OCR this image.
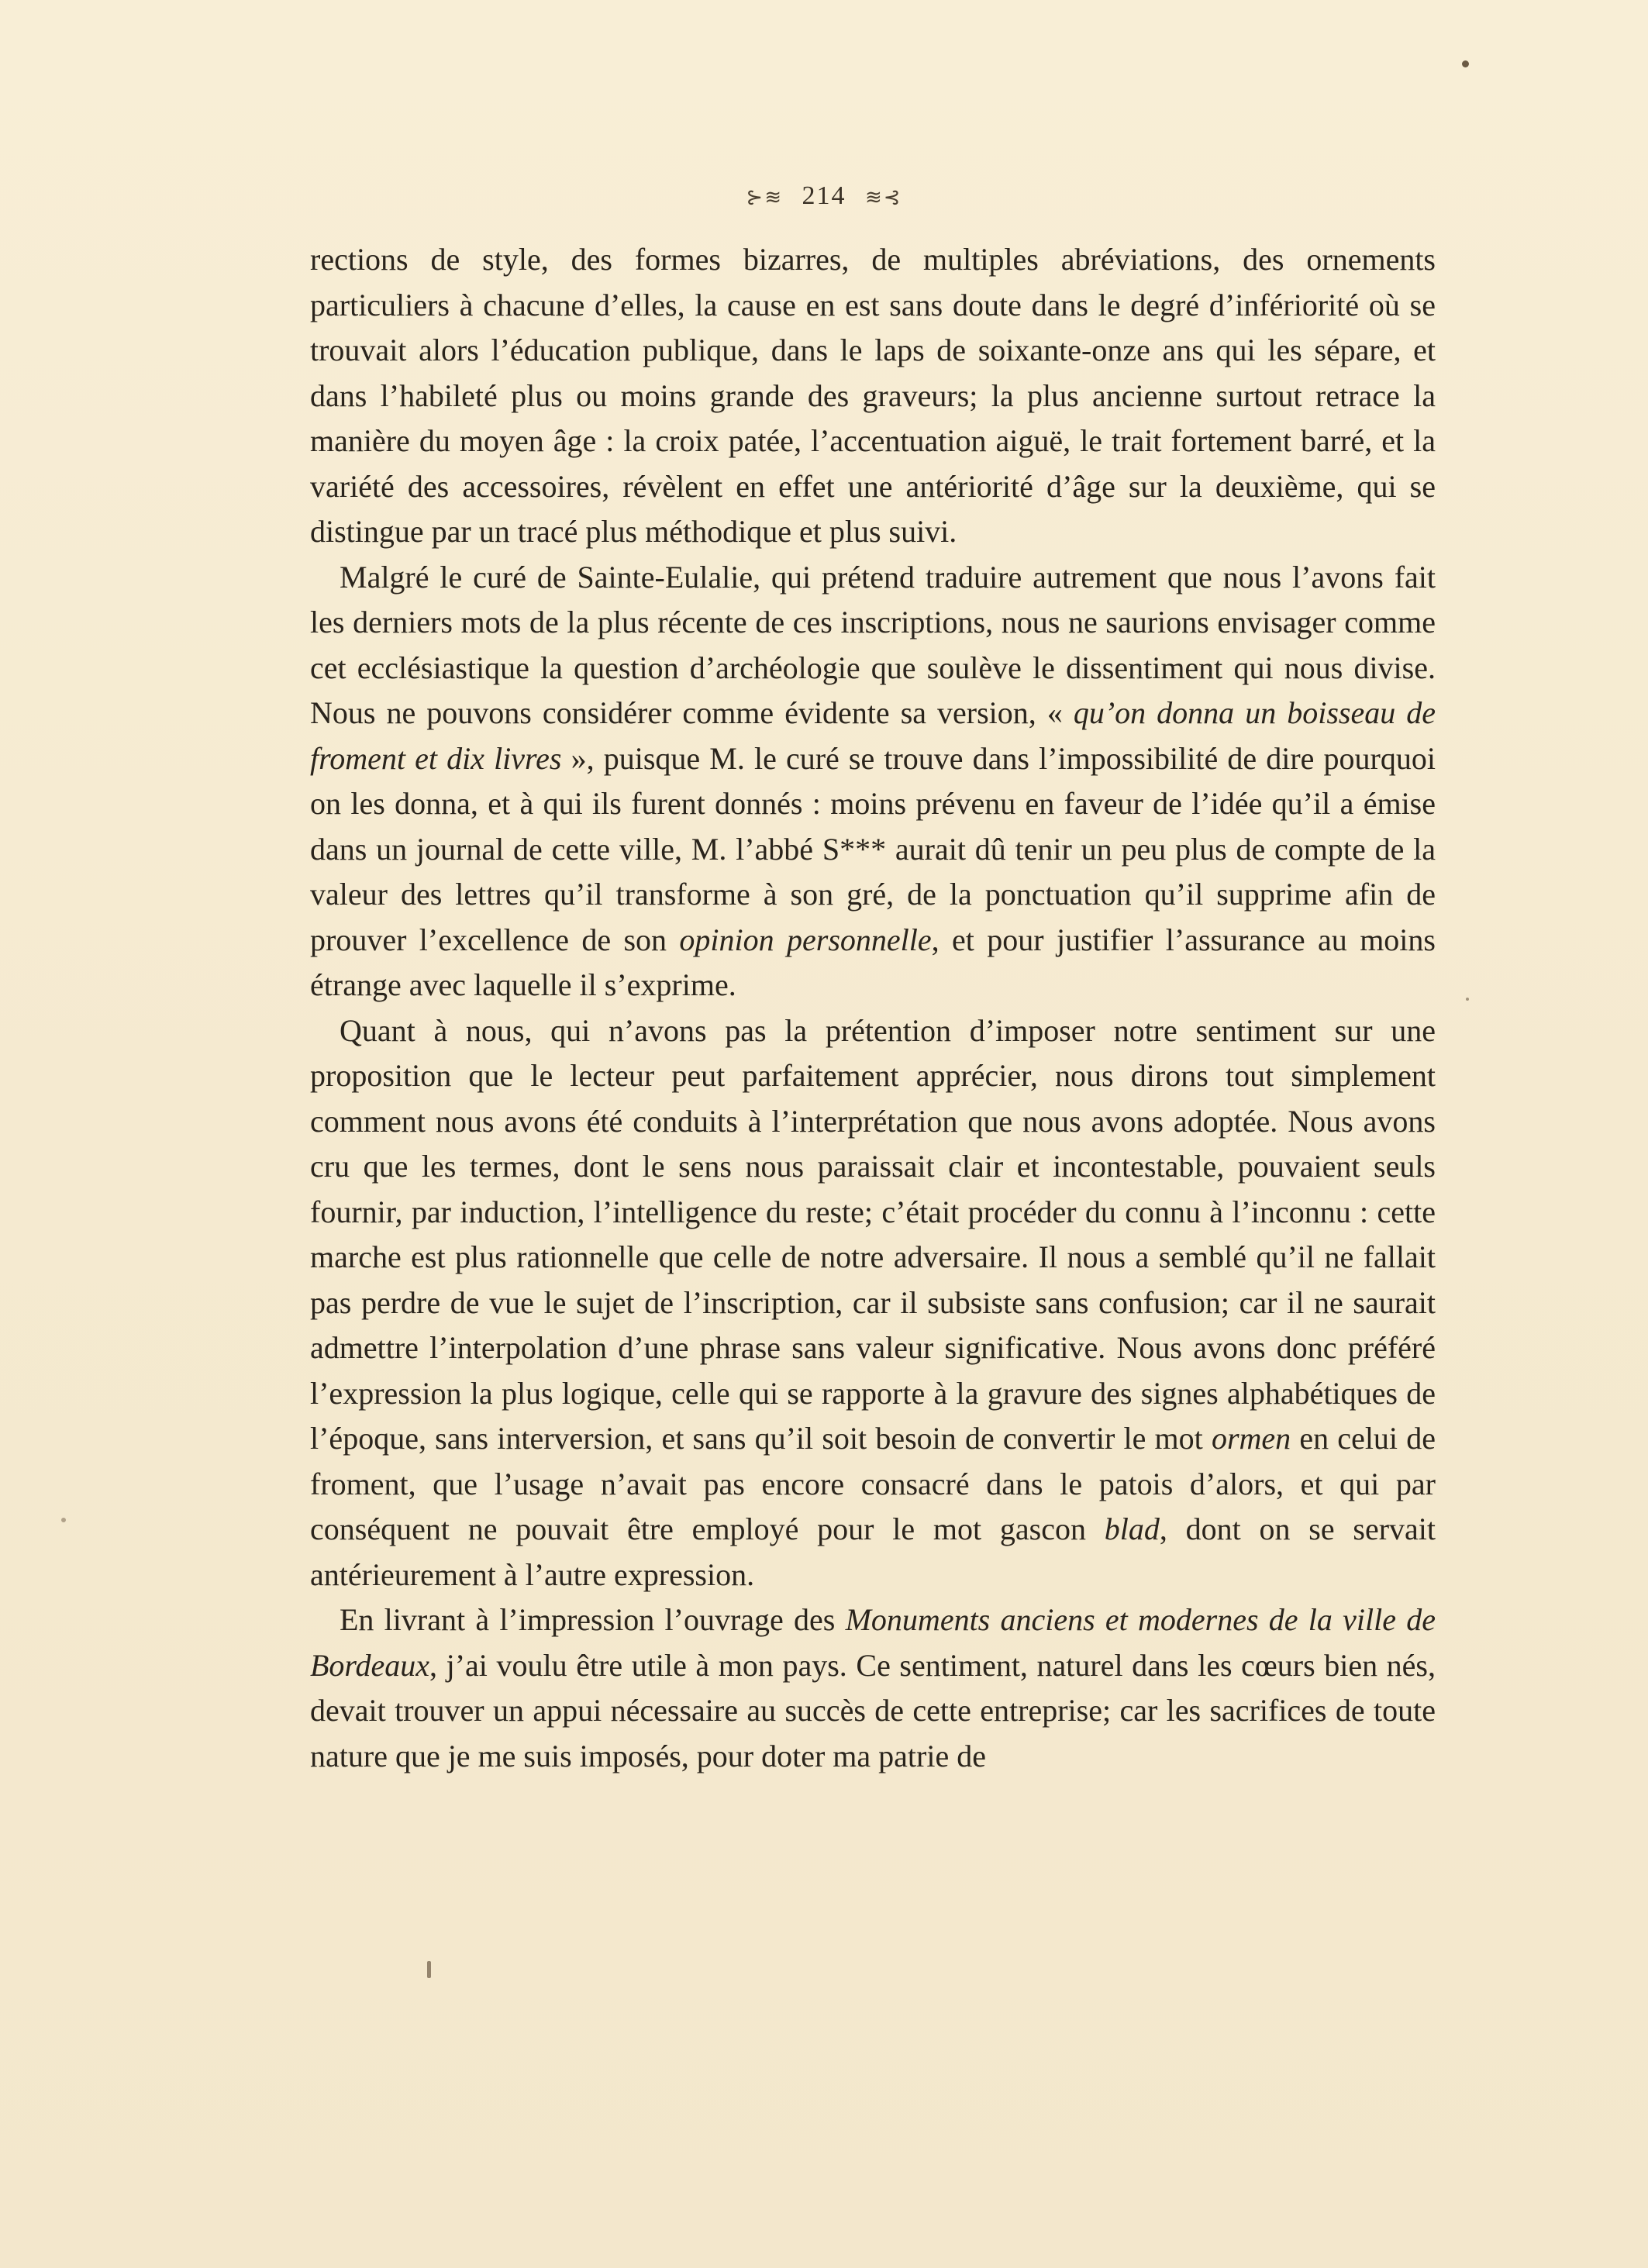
⊱≋ 214 ≋⊰

rections de style, des formes bizarres, de multiples abréviations, des ornements particuliers à chacune d’elles, la cause en est sans doute dans le degré d’infériorité où se trouvait alors l’éducation publique, dans le laps de soixante-onze ans qui les sépare, et dans l’habileté plus ou moins grande des graveurs; la plus ancienne surtout retrace la manière du moyen âge : la croix patée, l’accentuation aiguë, le trait fortement barré, et la variété des accessoires, révèlent en effet une antériorité d’âge sur la deuxième, qui se distingue par un tracé plus méthodique et plus suivi.

Malgré le curé de Sainte-Eulalie, qui prétend traduire autrement que nous l’avons fait les derniers mots de la plus récente de ces inscriptions, nous ne saurions envisager comme cet ecclésiastique la question d’archéologie que soulève le dissentiment qui nous divise. Nous ne pouvons considérer comme évidente sa version, « qu’on donna un boisseau de froment et dix livres », puisque M. le curé se trouve dans l’impossibilité de dire pourquoi on les donna, et à qui ils furent donnés : moins prévenu en faveur de l’idée qu’il a émise dans un journal de cette ville, M. l’abbé S*** aurait dû tenir un peu plus de compte de la valeur des lettres qu’il transforme à son gré, de la ponctuation qu’il supprime afin de prouver l’excellence de son opinion personnelle, et pour justifier l’assurance au moins étrange avec laquelle il s’exprime.

Quant à nous, qui n’avons pas la prétention d’imposer notre sentiment sur une proposition que le lecteur peut parfaitement apprécier, nous dirons tout simplement comment nous avons été conduits à l’interprétation que nous avons adoptée. Nous avons cru que les termes, dont le sens nous paraissait clair et incontestable, pouvaient seuls fournir, par induction, l’intelligence du reste; c’était procéder du connu à l’inconnu : cette marche est plus rationnelle que celle de notre adversaire. Il nous a semblé qu’il ne fallait pas perdre de vue le sujet de l’inscription, car il subsiste sans confusion; car il ne saurait admettre l’interpolation d’une phrase sans valeur significative. Nous avons donc préféré l’expression la plus logique, celle qui se rapporte à la gravure des signes alphabétiques de l’époque, sans interversion, et sans qu’il soit besoin de convertir le mot ormen en celui de froment, que l’usage n’avait pas encore consacré dans le patois d’alors, et qui par conséquent ne pouvait être employé pour le mot gascon blad, dont on se servait antérieurement à l’autre expression.

En livrant à l’impression l’ouvrage des Monuments anciens et modernes de la ville de Bordeaux, j’ai voulu être utile à mon pays. Ce sentiment, naturel dans les cœurs bien nés, devait trouver un appui nécessaire au succès de cette entreprise; car les sacrifices de toute nature que je me suis imposés, pour doter ma patrie de
